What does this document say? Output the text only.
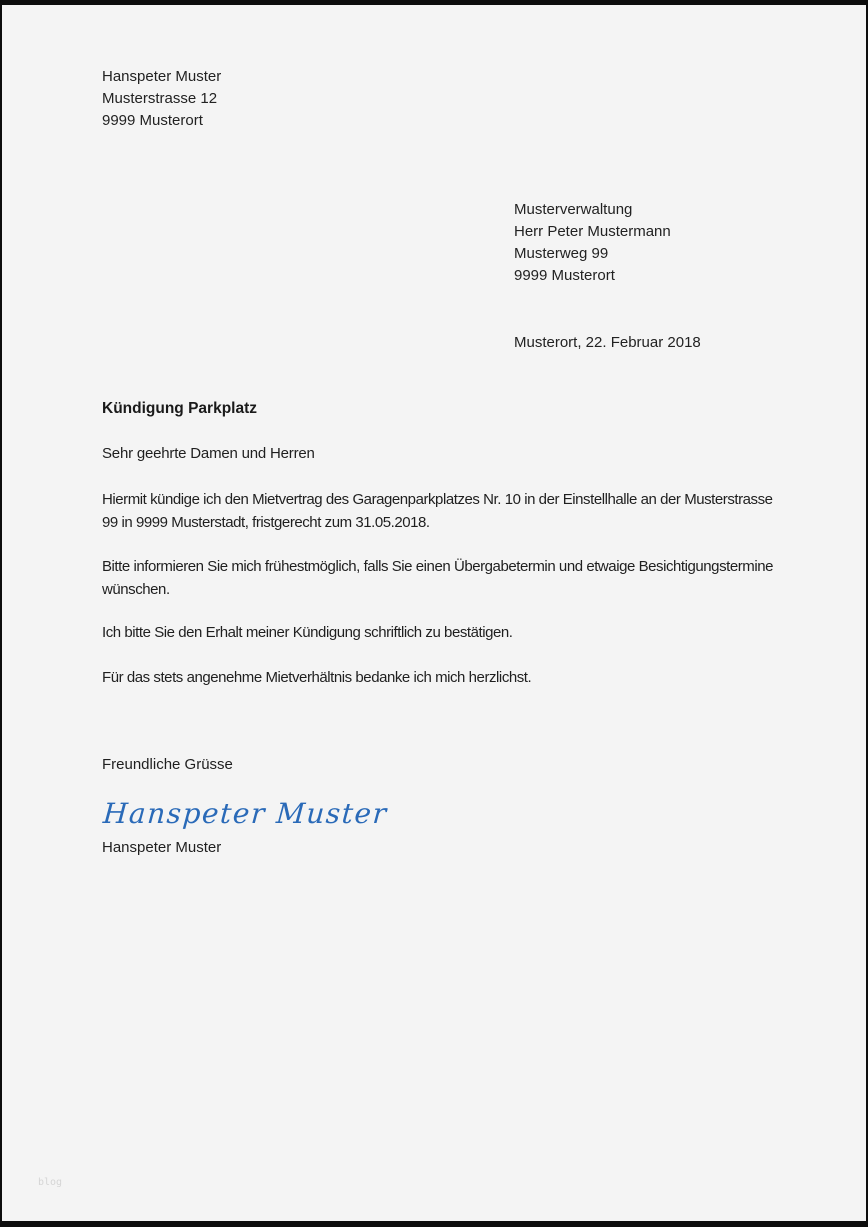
Hanspeter Muster
Musterstrasse 12
9999 Musterort
Musterverwaltung
Herr Peter Mustermann
Musterweg 99
9999 Musterort
Musterort, 22. Februar 2018
Kündigung Parkplatz
Sehr geehrte Damen und Herren
Hiermit kündige ich den Mietvertrag des Garagenparkplatzes Nr. 10 in der Einstellhalle an der Musterstrasse 99 in 9999 Musterstadt, fristgerecht zum 31.05.2018.
Bitte informieren Sie mich frühestmöglich, falls Sie einen Übergabetermin und etwaige Besichtigungstermine wünschen.
Ich bitte Sie den Erhalt meiner Kündigung schriftlich zu bestätigen.
Für das stets angenehme Mietverhältnis bedanke ich mich herzlichst.
Freundliche Grüsse
Hanspeter Muster
Hanspeter Muster
blog
